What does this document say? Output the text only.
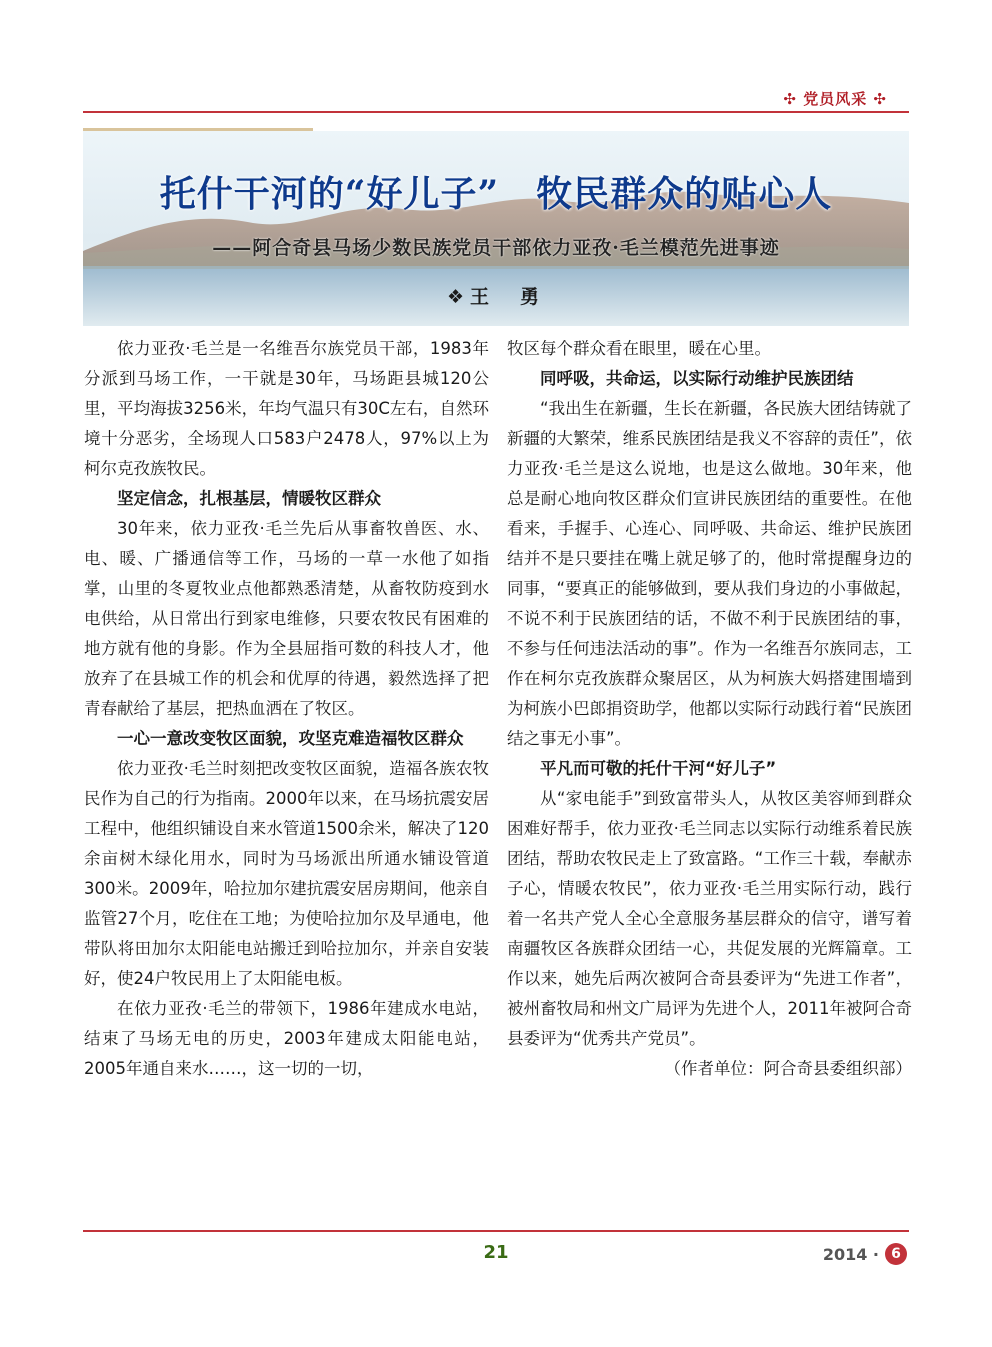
✣ 党员风采 ✣
托什干河的“好儿子”　牧民群众的贴心人
——阿合奇县马场少数民族党员干部依力亚孜·毛兰模范先进事迹
❖王　勇

依力亚孜·毛兰是一名维吾尔族党员干部，1983年分派到马场工作，一干就是30年，马场距县城120公里，平均海拔3256米，年均气温只有30C左右，自然环境十分恶劣，全场现人口583户2478人，97%以上为柯尔克孜族牧民。

坚定信念，扎根基层，情暖牧区群众

30年来，依力亚孜·毛兰先后从事畜牧兽医、水、电、暖、广播通信等工作，马场的一草一水他了如指掌，山里的冬夏牧业点他都熟悉清楚，从畜牧防疫到水电供给，从日常出行到家电维修，只要农牧民有困难的地方就有他的身影。作为全县屈指可数的科技人才，他放弃了在县城工作的机会和优厚的待遇，毅然选择了把青春献给了基层，把热血洒在了牧区。

一心一意改变牧区面貌，攻坚克难造福牧区群众

依力亚孜·毛兰时刻把改变牧区面貌，造福各族农牧民作为自己的行为指南。2000年以来，在马场抗震安居工程中，他组织铺设自来水管道1500余米，解决了120余亩树木绿化用水，同时为马场派出所通水铺设管道300米。2009年，哈拉加尔建抗震安居房期间，他亲自监管27个月，吃住在工地；为使哈拉加尔及早通电，他带队将田加尔太阳能电站搬迁到哈拉加尔，并亲自安装好，使24户牧民用上了太阳能电板。

在依力亚孜·毛兰的带领下，1986年建成水电站，结束了马场无电的历史，2003年建成太阳能电站，2005年通自来水……，这一切的一切，

牧区每个群众看在眼里，暖在心里。

同呼吸，共命运，以实际行动维护民族团结

“我出生在新疆，生长在新疆，各民族大团结铸就了新疆的大繁荣，维系民族团结是我义不容辞的责任”，依力亚孜·毛兰是这么说地，也是这么做地。30年来，他总是耐心地向牧区群众们宣讲民族团结的重要性。在他看来，手握手、心连心、同呼吸、共命运、维护民族团结并不是只要挂在嘴上就足够了的，他时常提醒身边的同事，“要真正的能够做到，要从我们身边的小事做起，不说不利于民族团结的话，不做不利于民族团结的事，不参与任何违法活动的事”。作为一名维吾尔族同志，工作在柯尔克孜族群众聚居区，从为柯族大妈搭建围墙到为柯族小巴郎捐资助学，他都以实际行动践行着“民族团结之事无小事”。

平凡而可敬的托什干河“好儿子”

从“家电能手”到致富带头人，从牧区美容师到群众困难好帮手，依力亚孜·毛兰同志以实际行动维系着民族团结，帮助农牧民走上了致富路。“工作三十载，奉献赤子心，情暖农牧民”，依力亚孜·毛兰用实际行动，践行着一名共产党人全心全意服务基层群众的信守，谱写着南疆牧区各族群众团结一心，共促发展的光辉篇章。工作以来，她先后两次被阿合奇县委评为“先进工作者”，被州畜牧局和州文广局评为先进个人，2011年被阿合奇县委评为“优秀共产党员”。

（作者单位：阿合奇县委组织部）

21	2014 · 6
